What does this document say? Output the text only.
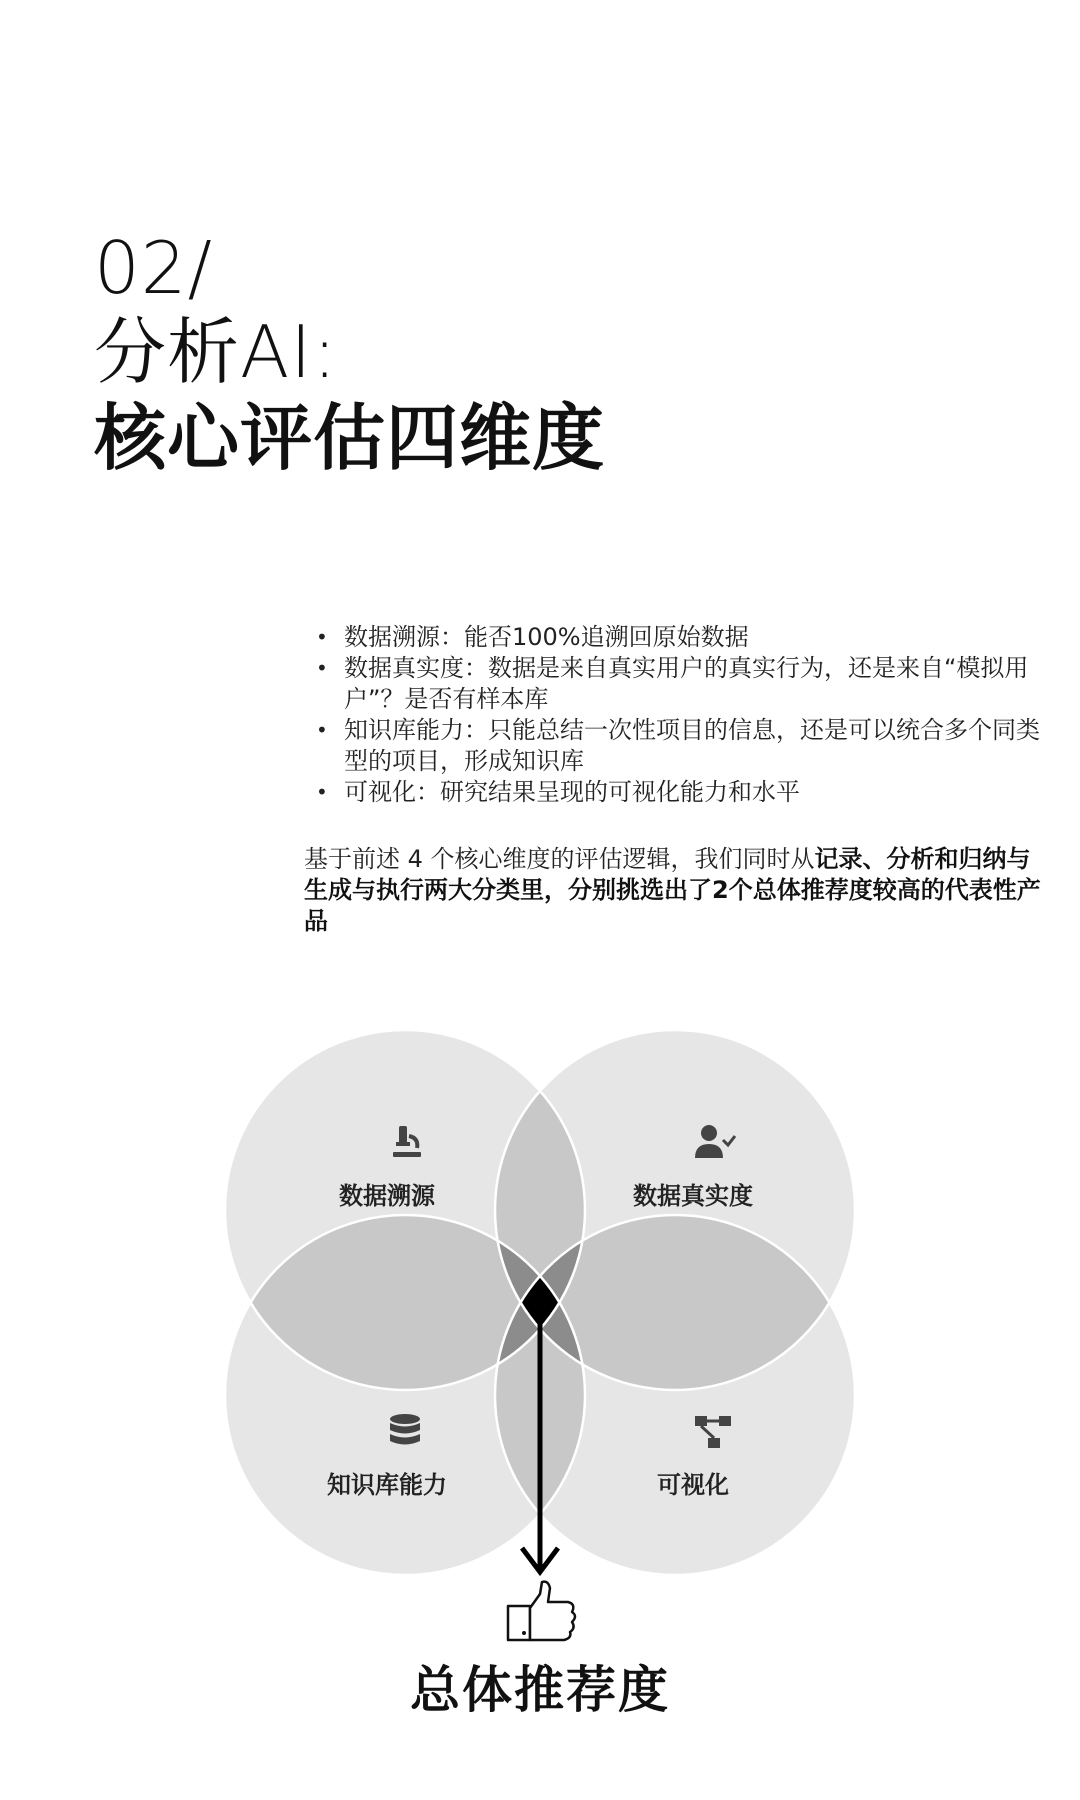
02/
分析AI:
核心评估四维度
• 数据溯源：能否100%追溯回原始数据
• 数据真实度：数据是来自真实用户的真实行为，还是来自“模拟用户”？是否有样本库
• 知识库能力：只能总结一次性项目的信息，还是可以统合多个同类型的项目，形成知识库
• 可视化：研究结果呈现的可视化能力和水平
基于前述 4 个核心维度的评估逻辑，我们同时从记录、分析和归纳与生成与执行两大分类里，分别挑选出了2个总体推荐度较高的代表性产品
数据溯源	数据真实度
知识库能力	可视化
总体推荐度
